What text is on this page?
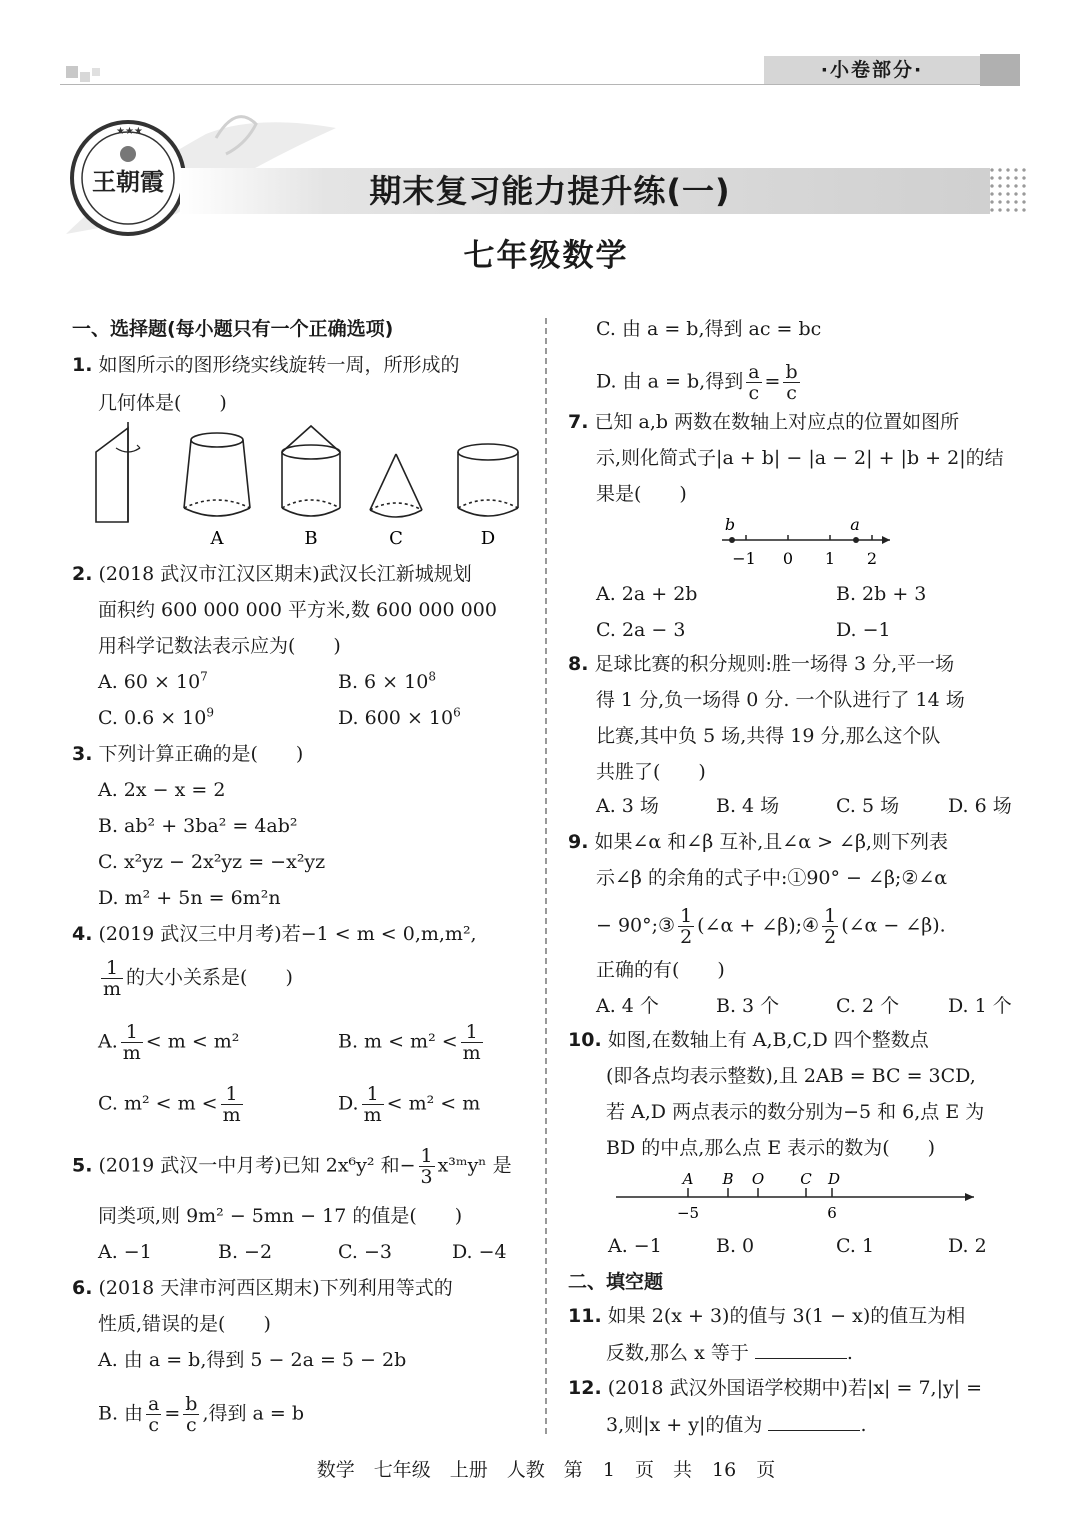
·小卷部分·
★★★
王朝霞	期末复习能力提升练(一)
七年级数学
一、选择题(每小题只有一个正确选项)
1. 如图所示的图形绕实线旋转一周，所形成的
几何体是(　　)
A	B	C	D
2. (2018 武汉市江汉区期末)武汉长江新城规划
面积约 600 000 000 平方米,数 600 000 000
用科学记数法表示应为(　　)
A. $60 \times 10^7$	B. $6 \times 10^8$
C. $0.6 \times 10^9$	D. $600 \times 10^6$
3. 下列计算正确的是(　　)
A. 2x − x = 2
B. ab² + 3ba² = 4ab²
C. x²yz − 2x²yz = −x²yz
D. m² + 5n = 6m²n
4. (2019 武汉三中月考)若−1 < m < 0,m,m²,
$\frac{1}{m}$ 的大小关系是(　　)
A. $\frac{1}{m} < m < m^2$	B. $m < m^2 < \frac{1}{m}$
C. $m^2 < m < \frac{1}{m}$	D. $\frac{1}{m} < m^2 < m$
5. (2019 武汉一中月考)已知 2x⁶y² 和− $\frac{1}{3}$ x³ᵐyⁿ 是
同类项,则 9m² − 5mn − 17 的值是(　　)
A. −1	B. −2	C. −3	D. −4
6. (2018 天津市河西区期末)下列利用等式的
性质,错误的是(　　)
A. 由 a = b,得到 5 − 2a = 5 − 2b
B. 由 $\frac{a}{c} = \frac{b}{c}$ ,得到 a = b
C. 由 a = b,得到 ac = bc
D. 由 a = b,得到 $\frac{a}{c} = \frac{b}{c}$
7. 已知 a,b 两数在数轴上对应点的位置如图所
示,则化简式子|a + b| − |a − 2| + |b + 2|的结
果是(　　)
b	a
−1 0 1 2
A. 2a + 2b	B. 2b + 3
C. 2a − 3	D. −1
8. 足球比赛的积分规则:胜一场得 3 分,平一场
得 1 分,负一场得 0 分. 一个队进行了 14 场
比赛,其中负 5 场,共得 19 分,那么这个队
共胜了(　　)
A. 3 场	B. 4 场	C. 5 场	D. 6 场
9. 如果∠α 和∠β 互补,且∠α > ∠β,则下列表
示∠β 的余角的式子中:①90° − ∠β;②∠α
− 90°;③ $\frac{1}{2}$ (∠α + ∠β);④ $\frac{1}{2}$ (∠α − ∠β).
正确的有(　　)
A. 4 个	B. 3 个	C. 2 个	D. 1 个
10. 如图,在数轴上有 A,B,C,D 四个整数点
(即各点均表示整数),且 2AB = BC = 3CD,
若 A,D 两点表示的数分别为−5 和 6,点 E 为
BD 的中点,那么点 E 表示的数为(　　)
A B O C D
−5	6
A. −1	B. 0	C. 1	D. 2
二、填空题
11. 如果 2(x + 3)的值与 3(1 − x)的值互为相
反数,那么 x 等于	.
12. (2018 武汉外国语学校期中)若|x| = 7,|y| =
3,则|x + y|的值为	.
数学　七年级　上册　人教　第 1 页　共 16 页
